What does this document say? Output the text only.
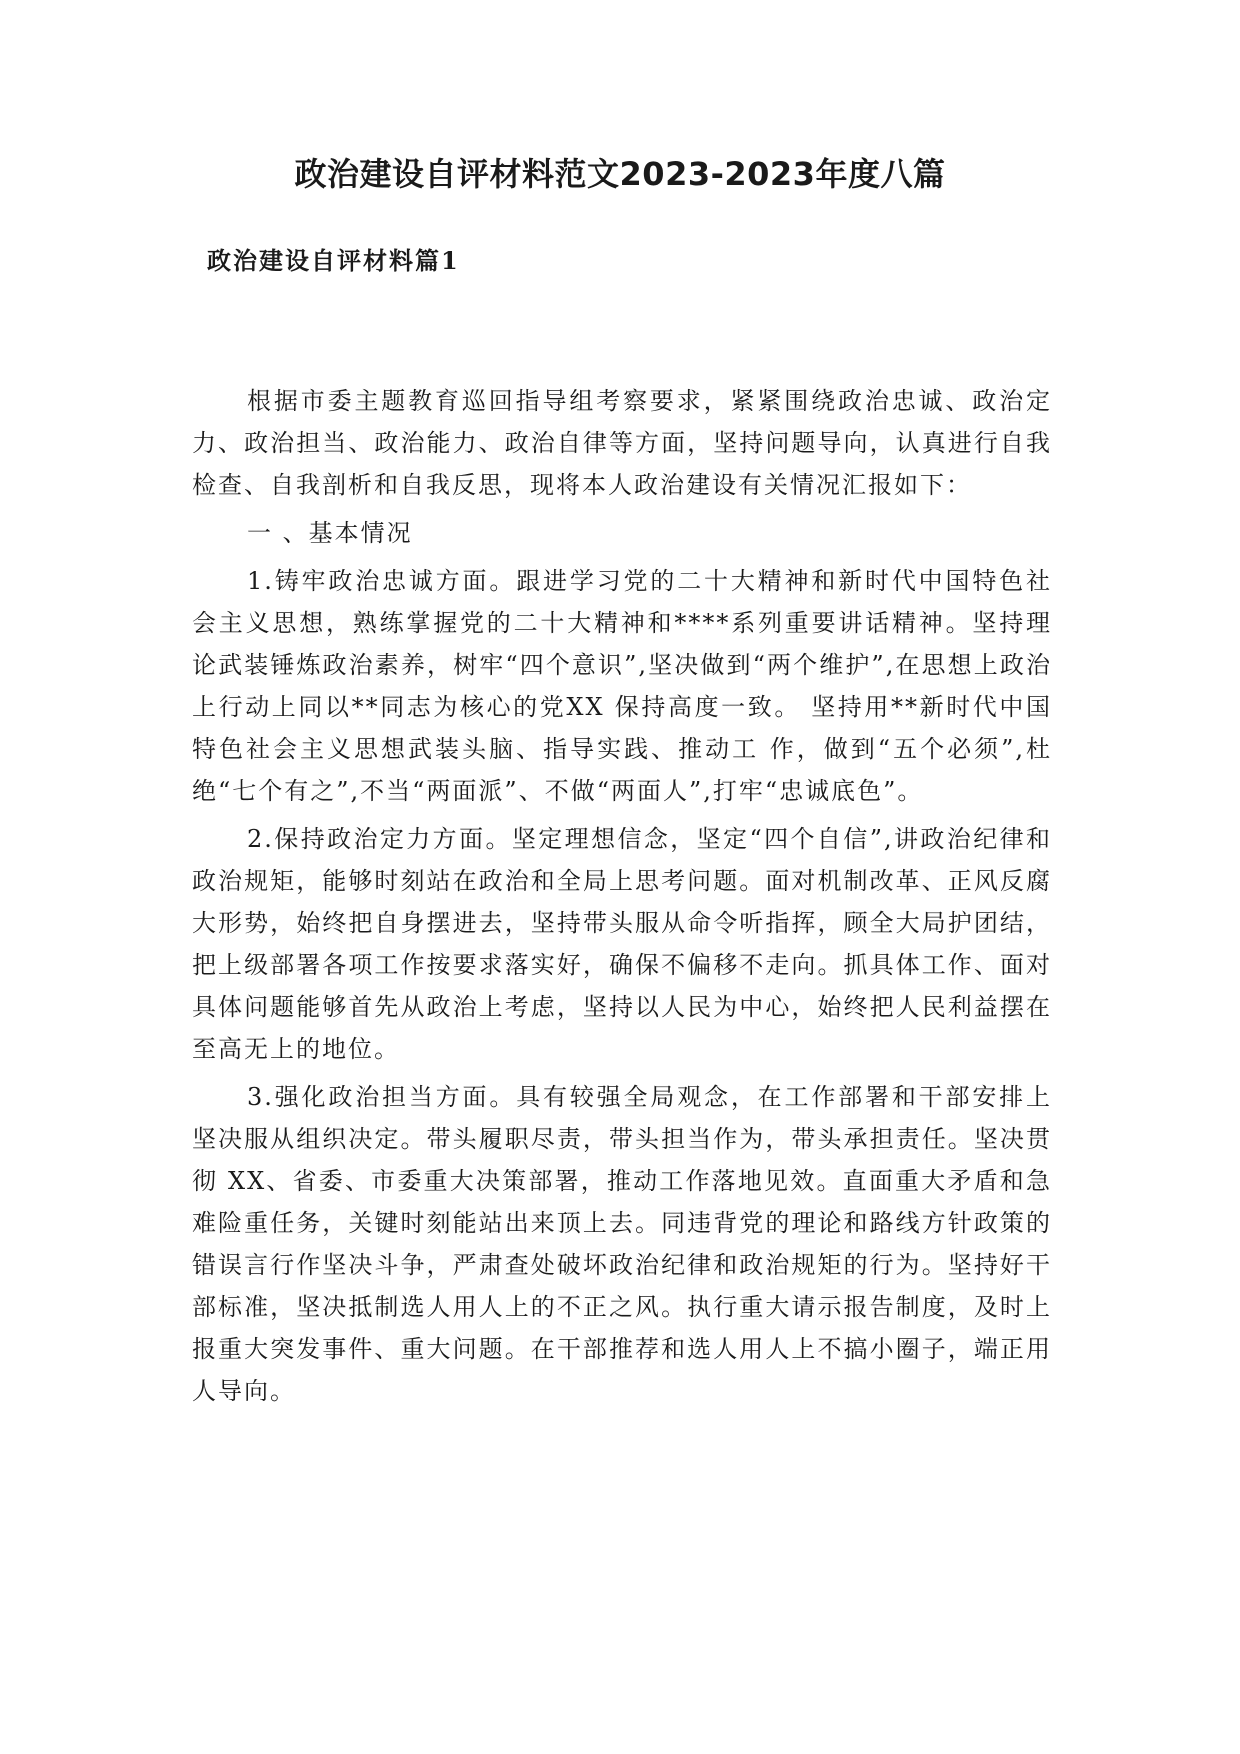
政治建设自评材料范文2023-2023年度八篇
政治建设自评材料篇1

根据市委主题教育巡回指导组考察要求，紧紧围绕政治忠诚、政治定力、政治担当、政治能力、政治自律等方面，坚持问题导向，认真进行自我检查、自我剖析和自我反思，现将本人政治建设有关情况汇报如下：

一 、基本情况

1.铸牢政治忠诚方面。跟进学习党的二十大精神和新时代中国特色社会主义思想，熟练掌握党的二十大精神和****系列重要讲话精神。坚持理论武装锤炼政治素养，树牢“四个意识”,坚决做到“两个维护”,在思想上政治上行动上同以**同志为核心的党XX 保持高度一致。 坚持用**新时代中国特色社会主义思想武装头脑、指导实践、推动工 作，做到“五个必须”,杜绝“七个有之”,不当“两面派”、不做“两面人”,打牢“忠诚底色”。

2.保持政治定力方面。坚定理想信念，坚定“四个自信”,讲政治纪律和政治规矩，能够时刻站在政治和全局上思考问题。面对机制改革、正风反腐大形势，始终把自身摆进去，坚持带头服从命令听指挥，顾全大局护团结，把上级部署各项工作按要求落实好，确保不偏移不走向。抓具体工作、面对具体问题能够首先从政治上考虑，坚持以人民为中心，始终把人民利益摆在至高无上的地位。

3.强化政治担当方面。具有较强全局观念，在工作部署和干部安排上坚决服从组织决定。带头履职尽责，带头担当作为，带头承担责任。坚决贯彻 XX、省委、市委重大决策部署，推动工作落地见效。直面重大矛盾和急难险重任务，关键时刻能站出来顶上去。同违背党的理论和路线方针政策的错误言行作坚决斗争，严肃查处破坏政治纪律和政治规矩的行为。坚持好干部标准，坚决抵制选人用人上的不正之风。执行重大请示报告制度，及时上报重大突发事件、重大问题。在干部推荐和选人用人上不搞小圈子，端正用人导向。
